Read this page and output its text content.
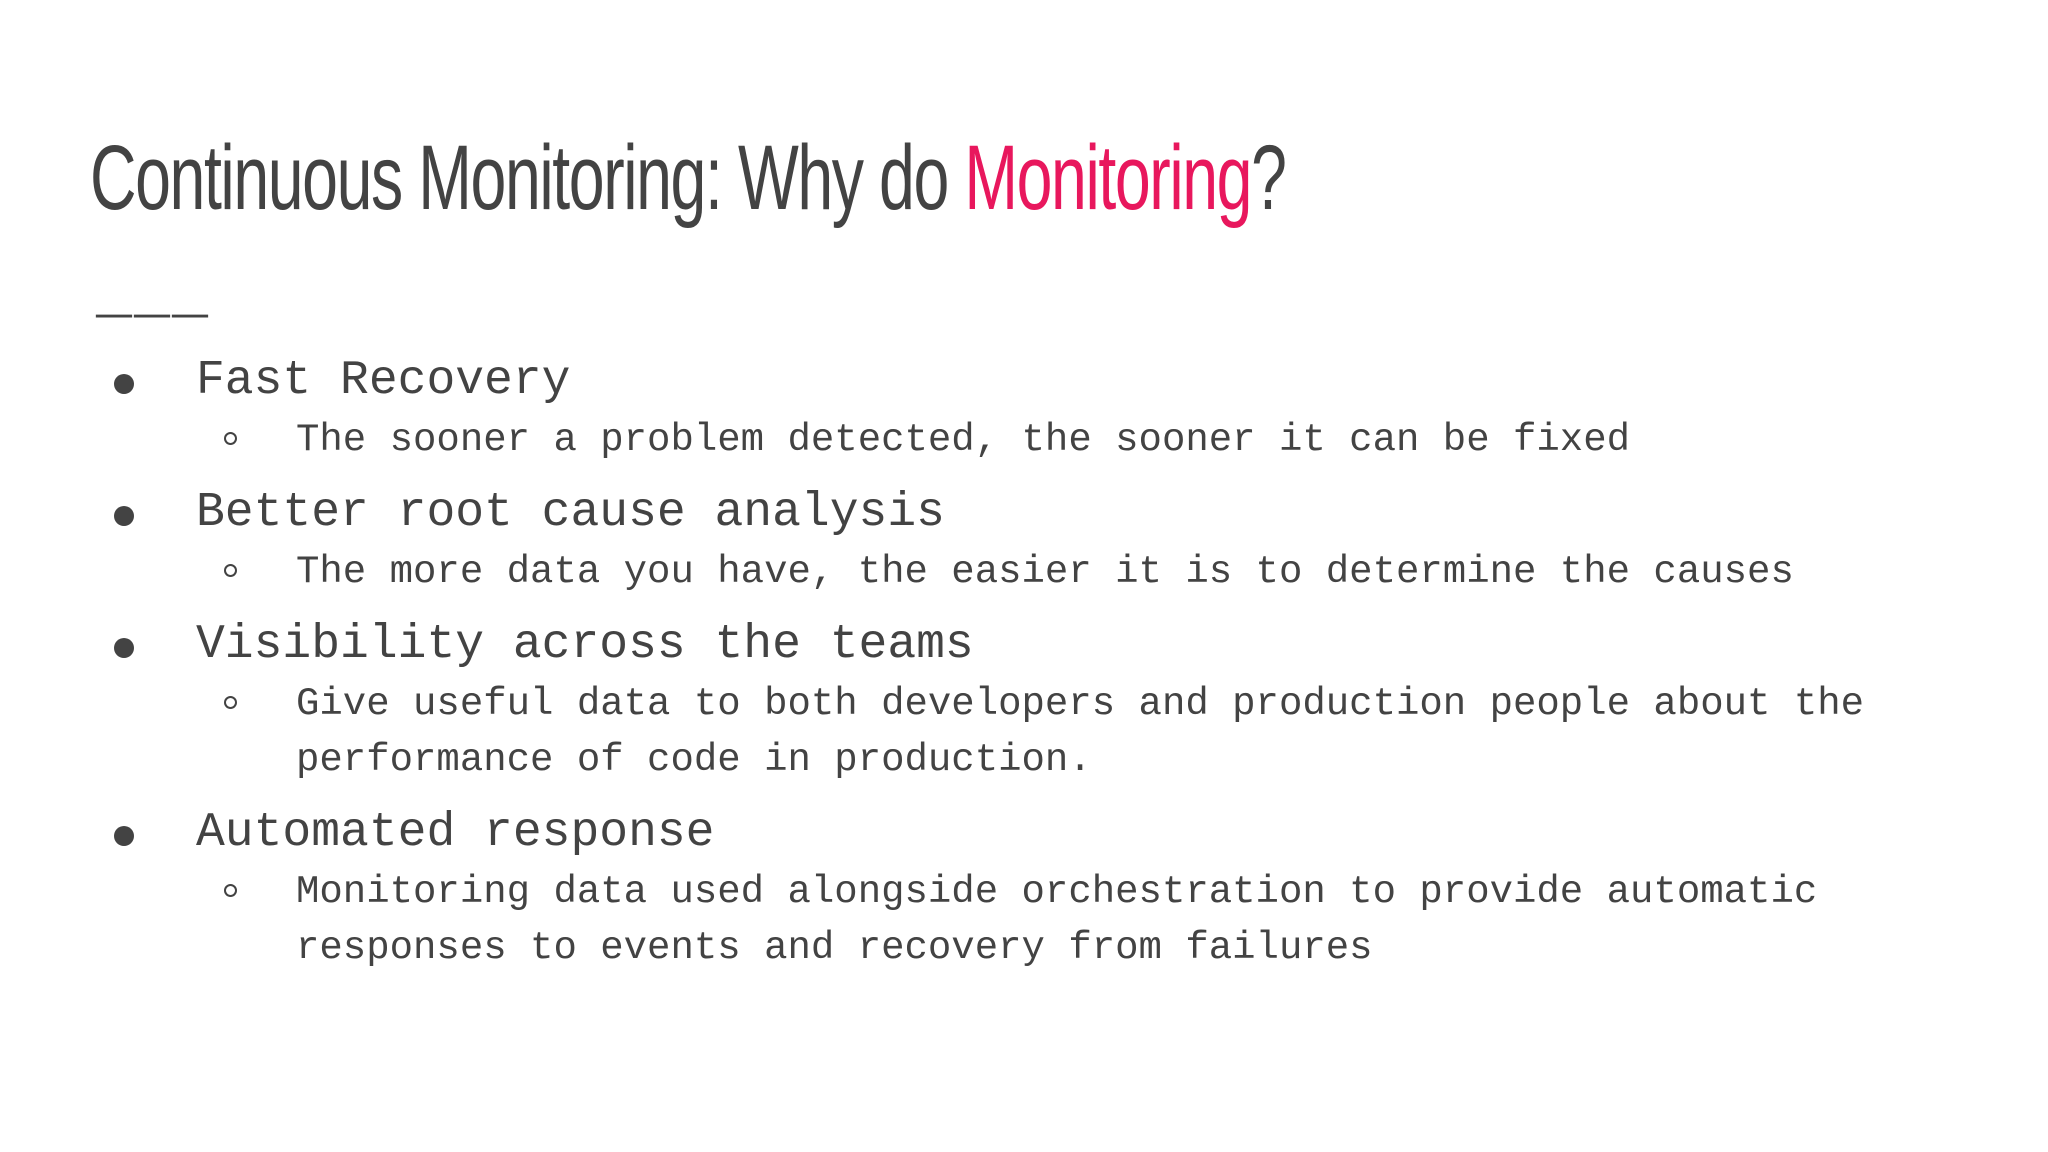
Continuous Monitoring: Why do Monitoring?
___
Fast Recovery
The sooner a problem detected, the sooner it can be fixed
Better root cause analysis
The more data you have, the easier it is to determine the causes
Visibility across the teams
Give useful data to both developers and production people about the performance of code in production.
Automated response
Monitoring data used alongside orchestration to provide automatic responses to events and recovery from failures
